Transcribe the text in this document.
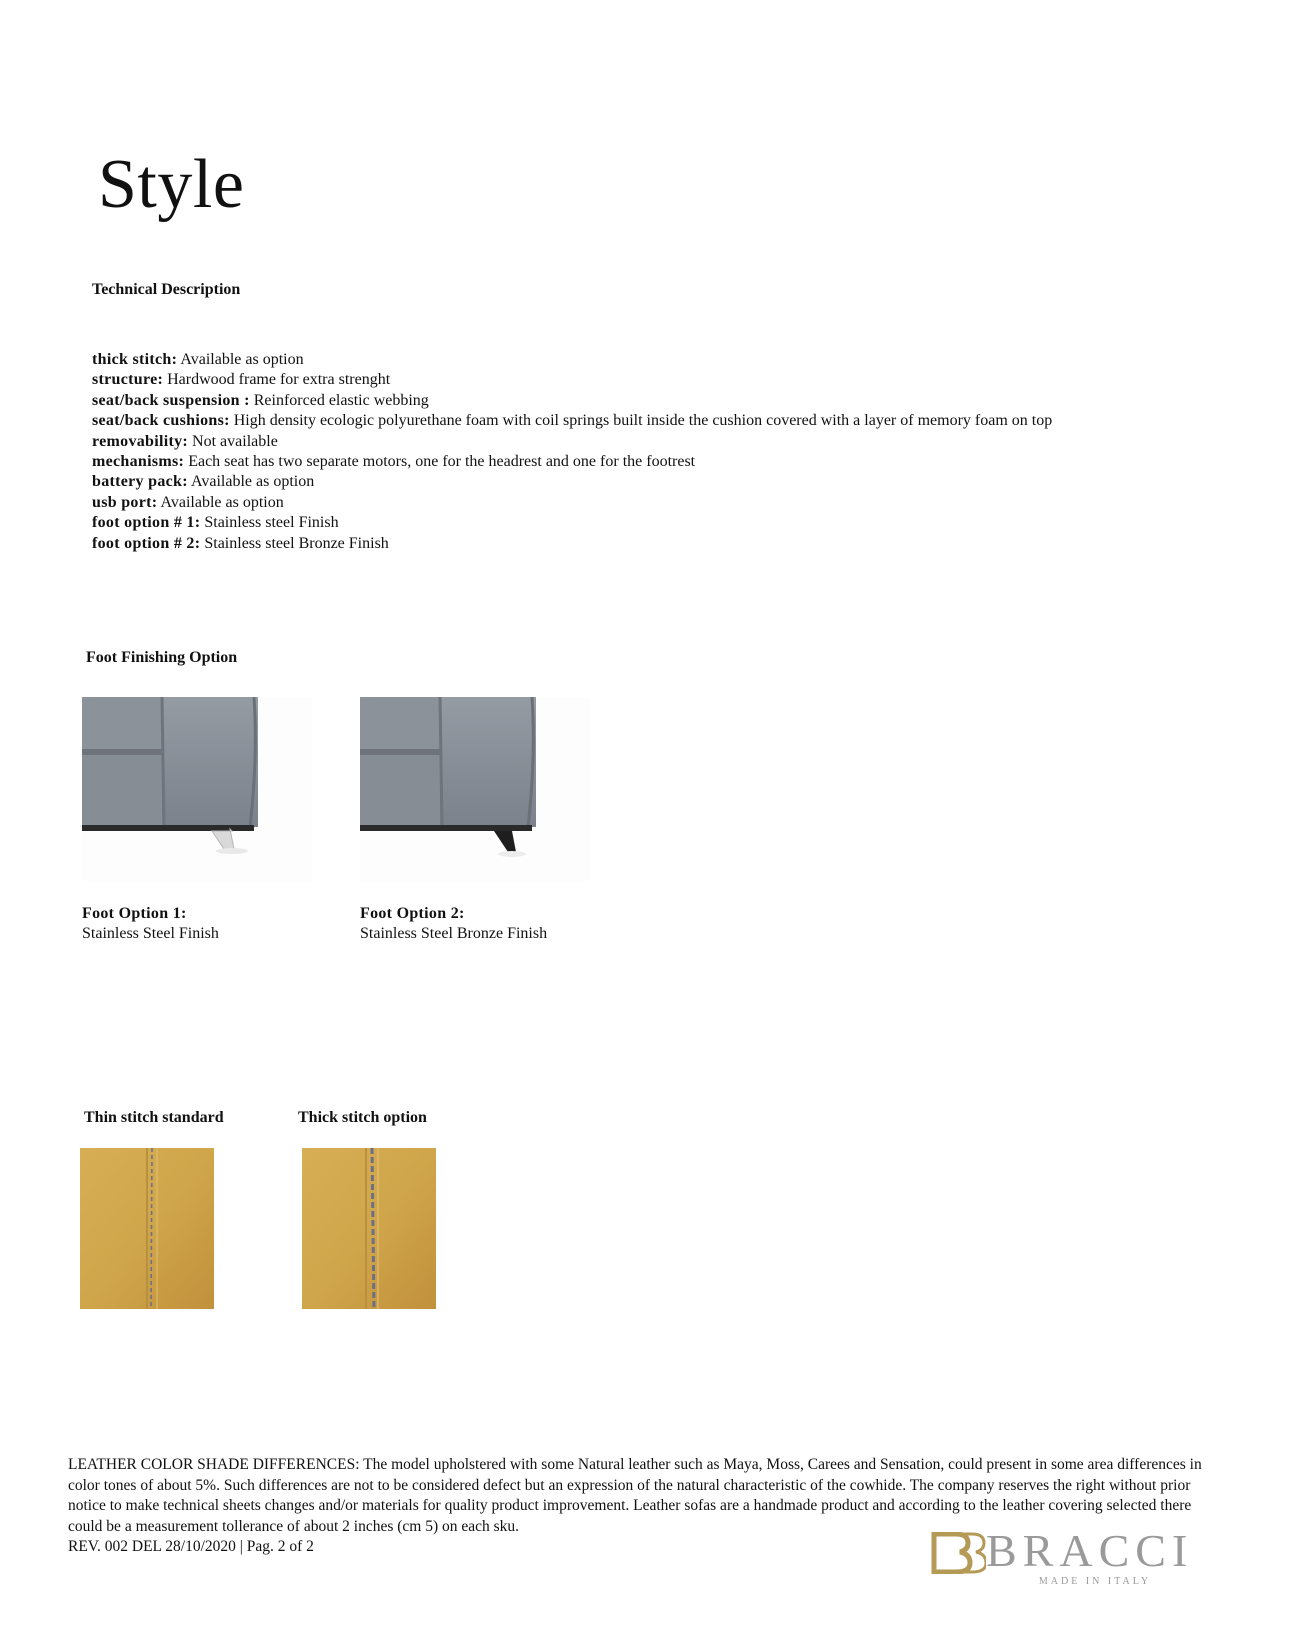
Style
Technical Description
thick stitch: Available as option
structure: Hardwood frame for extra strenght
seat/back suspension : Reinforced elastic webbing
seat/back cushions: High density ecologic polyurethane foam with coil springs built inside the cushion covered with a layer of memory foam on top
removability: Not available
mechanisms: Each seat has two separate motors, one for the headrest and one for the footrest
battery pack: Available as option
usb port: Available as option
foot option # 1: Stainless steel Finish
foot option # 2: Stainless steel Bronze Finish
Foot Finishing Option
Foot Option 1:
Stainless Steel Finish
Foot Option 2:
Stainless Steel Bronze Finish
Thin stitch standard	Thick stitch option
LEATHER COLOR SHADE DIFFERENCES: The model upholstered with some Natural leather such as Maya, Moss, Carees and Sensation, could present in some area differences in color tones of about 5%. Such differences are not to be considered defect but an expression of the natural characteristic of the cowhide. The company reserves the right without prior notice to make technical sheets changes and/or materials for quality product improvement. Leather sofas are a handmade product and according to the leather covering selected there could be a measurement tollerance of about 2 inches (cm 5) on each sku.
REV. 002 DEL 28/10/2020 | Pag. 2 of 2	BRACCI
MADE IN ITALY
